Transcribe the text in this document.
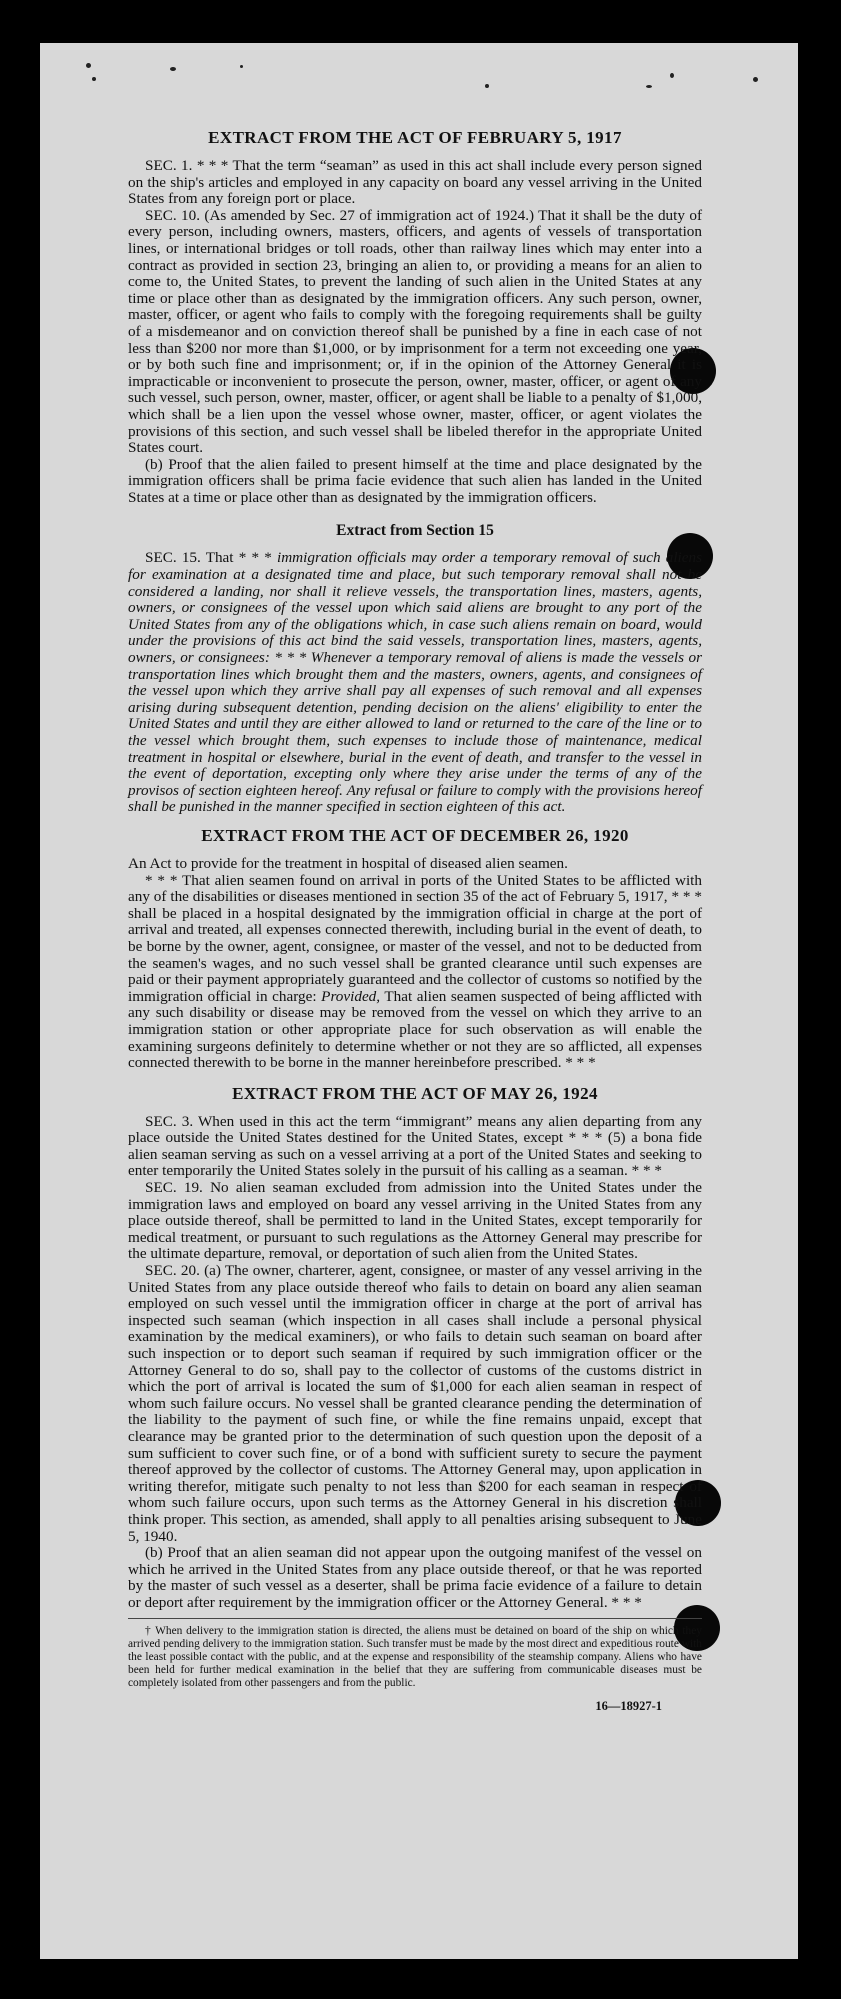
EXTRACT FROM THE ACT OF FEBRUARY 5, 1917

SEC. 1. * * * That the term “seaman” as used in this act shall include every person signed on the ship's articles and employed in any capacity on board any vessel arriving in the United States from any foreign port or place.

SEC. 10. (As amended by Sec. 27 of immigration act of 1924.) That it shall be the duty of every person, including owners, masters, officers, and agents of vessels of transportation lines, or international bridges or toll roads, other than railway lines which may enter into a contract as provided in section 23, bringing an alien to, or providing a means for an alien to come to, the United States, to prevent the landing of such alien in the United States at any time or place other than as designated by the immigration officers. Any such person, owner, master, officer, or agent who fails to comply with the foregoing requirements shall be guilty of a misdemeanor and on conviction thereof shall be punished by a fine in each case of not less than $200 nor more than $1,000, or by imprisonment for a term not exceeding one year, or by both such fine and imprisonment; or, if in the opinion of the Attorney General it is impracticable or inconvenient to prosecute the person, owner, master, officer, or agent of any such vessel, such person, owner, master, officer, or agent shall be liable to a penalty of $1,000, which shall be a lien upon the vessel whose owner, master, officer, or agent violates the provisions of this section, and such vessel shall be libeled therefor in the appropriate United States court.

(b) Proof that the alien failed to present himself at the time and place designated by the immigration officers shall be prima facie evidence that such alien has landed in the United States at a time or place other than as designated by the immigration officers.

Extract from Section 15

SEC. 15. That * * * immigration officials may order a temporary removal of such aliens for examination at a designated time and place, but such temporary removal shall not be considered a landing, nor shall it relieve vessels, the transportation lines, masters, agents, owners, or consignees of the vessel upon which said aliens are brought to any port of the United States from any of the obligations which, in case such aliens remain on board, would under the provisions of this act bind the said vessels, transportation lines, masters, agents, owners, or consignees: * * * Whenever a temporary removal of aliens is made the vessels or transportation lines which brought them and the masters, owners, agents, and consignees of the vessel upon which they arrive shall pay all expenses of such removal and all expenses arising during subsequent detention, pending decision on the aliens' eligibility to enter the United States and until they are either allowed to land or returned to the care of the line or to the vessel which brought them, such expenses to include those of maintenance, medical treatment in hospital or elsewhere, burial in the event of death, and transfer to the vessel in the event of deportation, excepting only where they arise under the terms of any of the provisos of section eighteen hereof. Any refusal or failure to comply with the provisions hereof shall be punished in the manner specified in section eighteen of this act.

EXTRACT FROM THE ACT OF DECEMBER 26, 1920

An Act to provide for the treatment in hospital of diseased alien seamen.

* * * That alien seamen found on arrival in ports of the United States to be afflicted with any of the disabilities or diseases mentioned in section 35 of the act of February 5, 1917, * * * shall be placed in a hospital designated by the immigration official in charge at the port of arrival and treated, all expenses connected therewith, including burial in the event of death, to be borne by the owner, agent, consignee, or master of the vessel, and not to be deducted from the seamen's wages, and no such vessel shall be granted clearance until such expenses are paid or their payment appropriately guaranteed and the collector of customs so notified by the immigration official in charge: Provided, That alien seamen suspected of being afflicted with any such disability or disease may be removed from the vessel on which they arrive to an immigration station or other appropriate place for such observation as will enable the examining surgeons definitely to determine whether or not they are so afflicted, all expenses connected therewith to be borne in the manner hereinbefore prescribed. * * *

EXTRACT FROM THE ACT OF MAY 26, 1924

SEC. 3. When used in this act the term “immigrant” means any alien departing from any place outside the United States destined for the United States, except * * * (5) a bona fide alien seaman serving as such on a vessel arriving at a port of the United States and seeking to enter temporarily the United States solely in the pursuit of his calling as a seaman. * * *

SEC. 19. No alien seaman excluded from admission into the United States under the immigration laws and employed on board any vessel arriving in the United States from any place outside thereof, shall be permitted to land in the United States, except temporarily for medical treatment, or pursuant to such regulations as the Attorney General may prescribe for the ultimate departure, removal, or deportation of such alien from the United States.

SEC. 20. (a) The owner, charterer, agent, consignee, or master of any vessel arriving in the United States from any place outside thereof who fails to detain on board any alien seaman employed on such vessel until the immigration officer in charge at the port of arrival has inspected such seaman (which inspection in all cases shall include a personal physical examination by the medical examiners), or who fails to detain such seaman on board after such inspection or to deport such seaman if required by such immigration officer or the Attorney General to do so, shall pay to the collector of customs of the customs district in which the port of arrival is located the sum of $1,000 for each alien seaman in respect of whom such failure occurs. No vessel shall be granted clearance pending the determination of the liability to the payment of such fine, or while the fine remains unpaid, except that clearance may be granted prior to the determination of such question upon the deposit of a sum sufficient to cover such fine, or of a bond with sufficient surety to secure the payment thereof approved by the collector of customs. The Attorney General may, upon application in writing therefor, mitigate such penalty to not less than $200 for each seaman in respect of whom such failure occurs, upon such terms as the Attorney General in his discretion shall think proper. This section, as amended, shall apply to all penalties arising subsequent to June 5, 1940.

(b) Proof that an alien seaman did not appear upon the outgoing manifest of the vessel on which he arrived in the United States from any place outside thereof, or that he was reported by the master of such vessel as a deserter, shall be prima facie evidence of a failure to detain or deport after requirement by the immigration officer or the Attorney General. * * *

† When delivery to the immigration station is directed, the aliens must be detained on board of the ship on which they arrived pending delivery to the immigration station. Such transfer must be made by the most direct and expeditious route with the least possible contact with the public, and at the expense and responsibility of the steamship company. Aliens who have been held for further medical examination in the belief that they are suffering from communicable diseases must be completely isolated from other passengers and from the public.

16—18927-1
